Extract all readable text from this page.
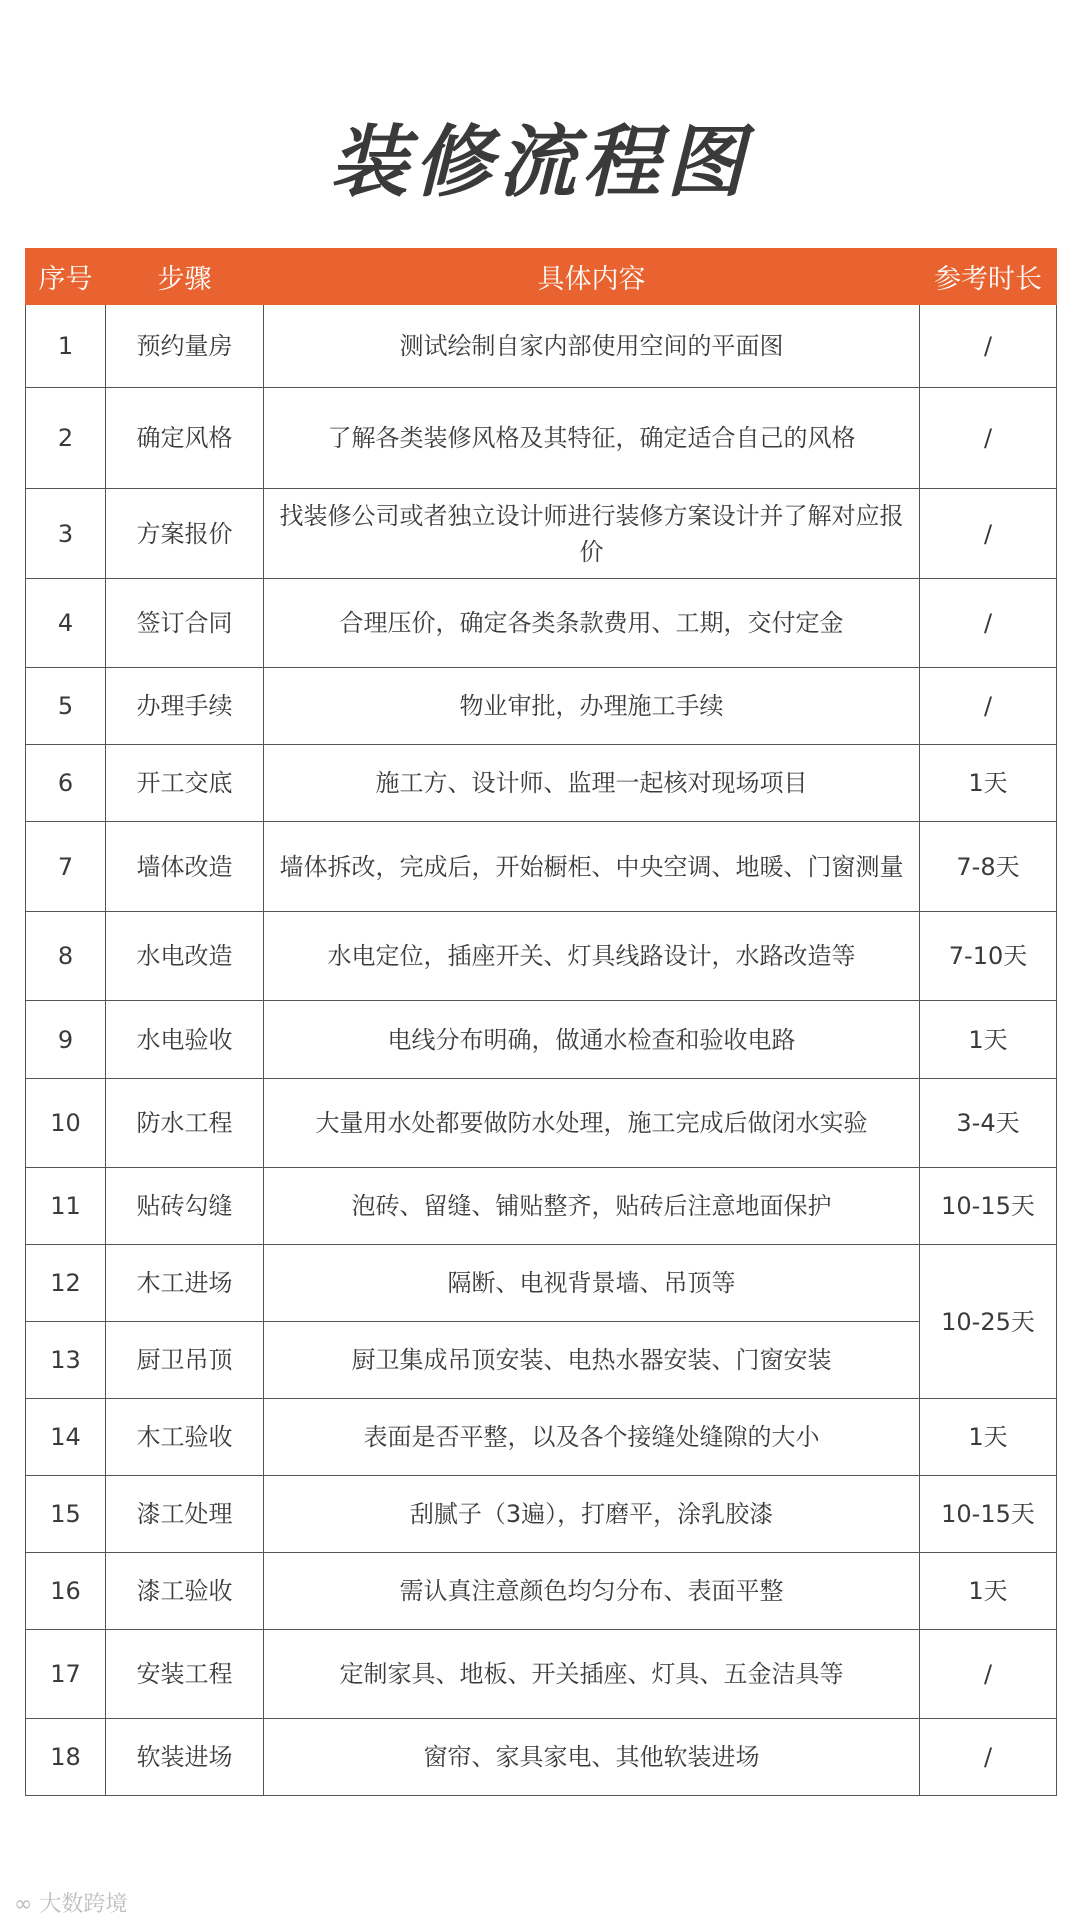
装修流程图
序号	步骤	具体内容	参考时长
1	预约量房	测试绘制自家内部使用空间的平面图	/
2	确定风格	了解各类装修风格及其特征，确定适合自己的风格	/
3	方案报价	找装修公司或者独立设计师进行装修方案设计并了解对应报价	/
4	签订合同	合理压价，确定各类条款费用、工期，交付定金	/
5	办理手续	物业审批，办理施工手续	/
6	开工交底	施工方、设计师、监理一起核对现场项目	1天
7	墙体改造	墙体拆改，完成后，开始橱柜、中央空调、地暖、门窗测量	7-8天
8	水电改造	水电定位，插座开关、灯具线路设计，水路改造等	7-10天
9	水电验收	电线分布明确，做通水检查和验收电路	1天
10	防水工程	大量用水处都要做防水处理，施工完成后做闭水实验	3-4天
11	贴砖勾缝	泡砖、留缝、铺贴整齐，贴砖后注意地面保护	10-15天
12	木工进场	隔断、电视背景墙、吊顶等	10-25天
13	厨卫吊顶	厨卫集成吊顶安装、电热水器安装、门窗安装	
14	木工验收	表面是否平整，以及各个接缝处缝隙的大小	1天
15	漆工处理	刮腻子（3遍），打磨平，涂乳胶漆	10-15天
16	漆工验收	需认真注意颜色均匀分布、表面平整	1天
17	安装工程	定制家具、地板、开关插座、灯具、五金洁具等	/
18	软装进场	窗帘、家具家电、其他软装进场	/
∞ 大数跨境
